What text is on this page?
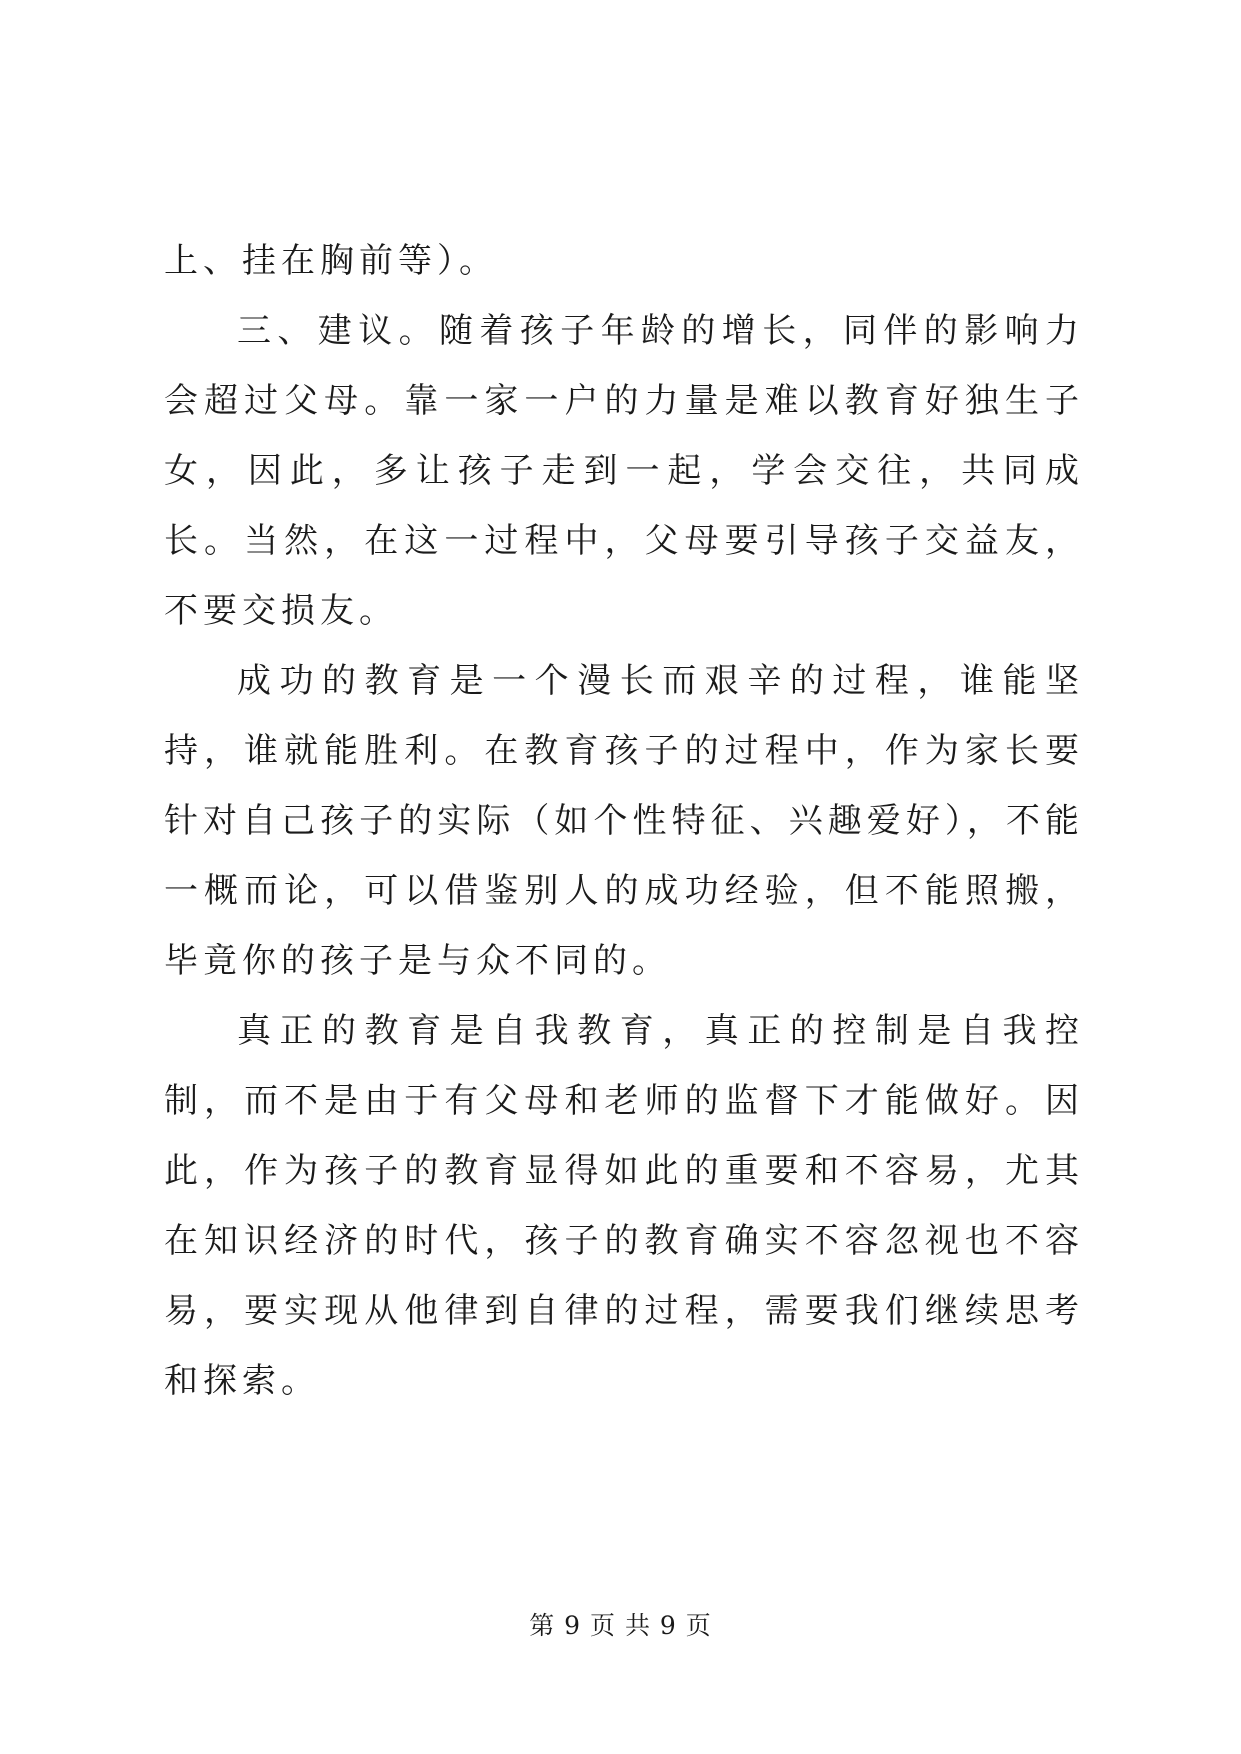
上、挂在胸前等）。

三、建议。随着孩子年龄的增长，同伴的影响力会超过父母。靠一家一户的力量是难以教育好独生子女，因此，多让孩子走到一起，学会交往，共同成长。当然，在这一过程中，父母要引导孩子交益友，不要交损友。

成功的教育是一个漫长而艰辛的过程，谁能坚持，谁就能胜利。在教育孩子的过程中，作为家长要针对自己孩子的实际（如个性特征、兴趣爱好），不能一概而论，可以借鉴别人的成功经验，但不能照搬，毕竟你的孩子是与众不同的。

真正的教育是自我教育，真正的控制是自我控制，而不是由于有父母和老师的监督下才能做好。因此，作为孩子的教育显得如此的重要和不容易，尤其在知识经济的时代，孩子的教育确实不容忽视也不容易，要实现从他律到自律的过程，需要我们继续思考和探索。

第 9 页 共 9 页
